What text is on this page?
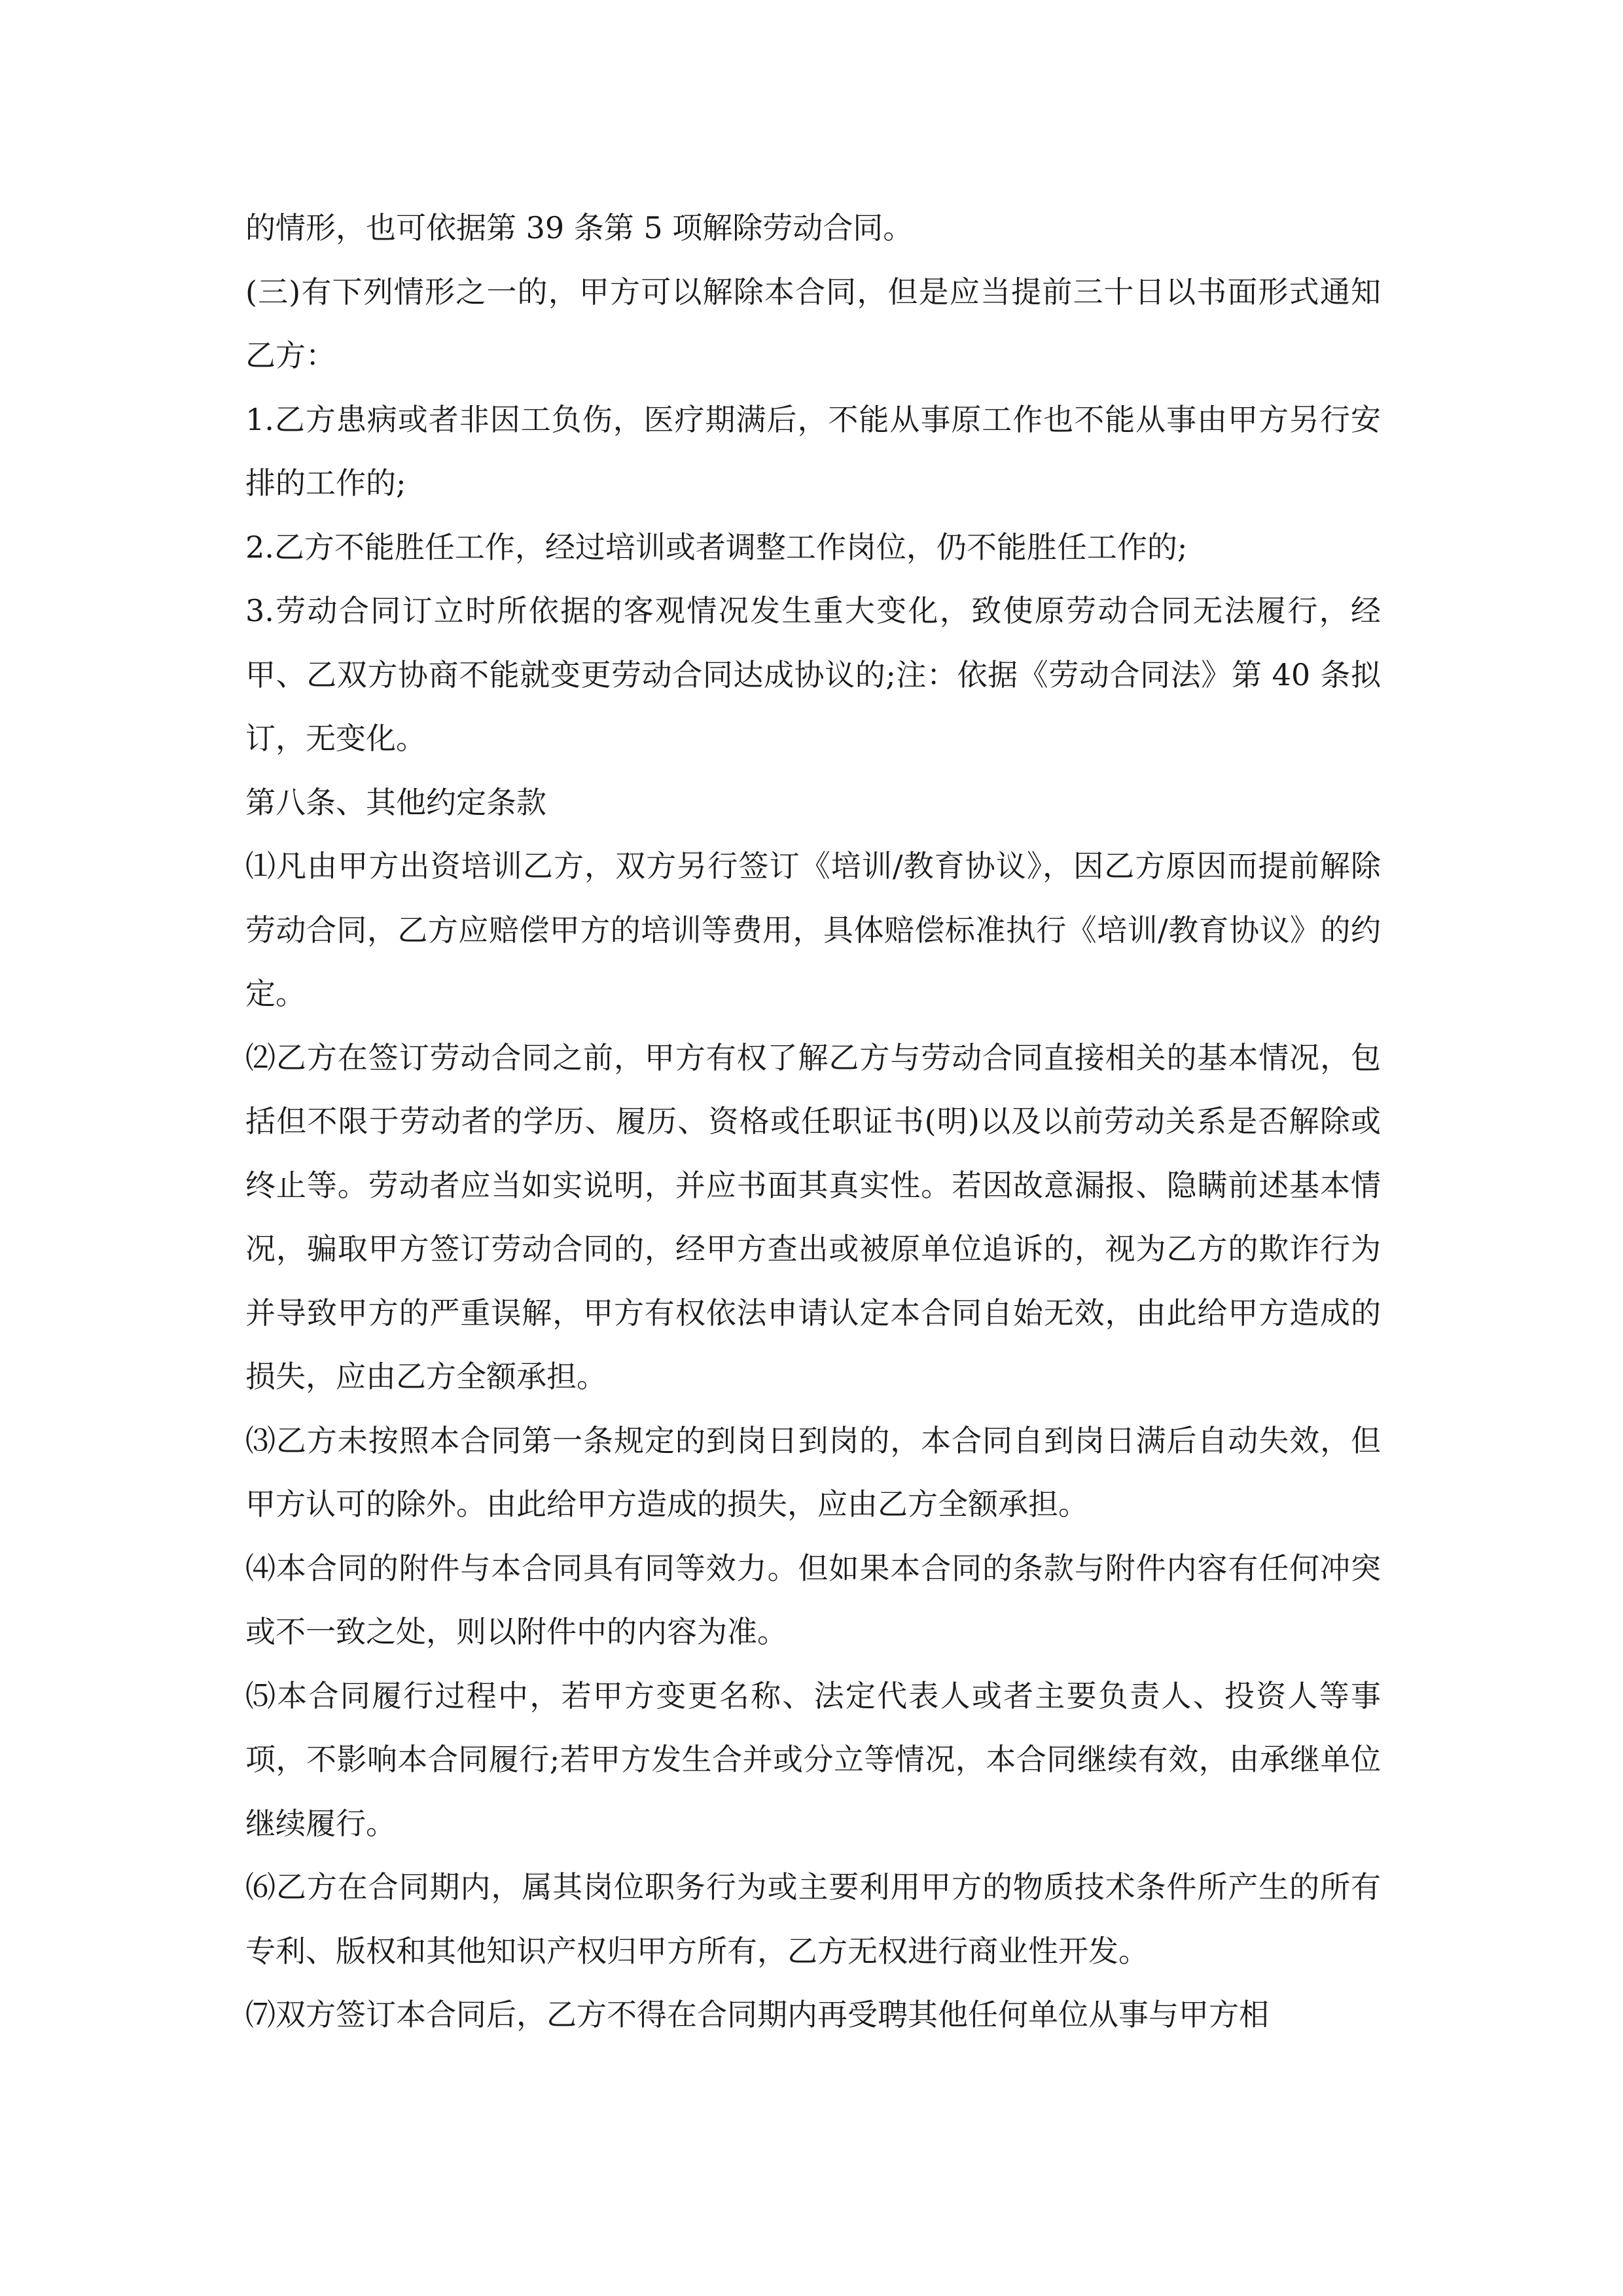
的情形，也可依据第 39 条第 5 项解除劳动合同。

(三)有下列情形之一的，甲方可以解除本合同，但是应当提前三十日以书面形式通知乙方：

1.乙方患病或者非因工负伤，医疗期满后，不能从事原工作也不能从事由甲方另行安排的工作的;

2.乙方不能胜任工作，经过培训或者调整工作岗位，仍不能胜任工作的;

3.劳动合同订立时所依据的客观情况发生重大变化，致使原劳动合同无法履行，经甲、乙双方协商不能就变更劳动合同达成协议的;注：依据《劳动合同法》第 40 条拟订，无变化。

第八条、其他约定条款

⑴凡由甲方出资培训乙方，双方另行签订《培训/教育协议》，因乙方原因而提前解除劳动合同，乙方应赔偿甲方的培训等费用，具体赔偿标准执行《培训/教育协议》的约定。

⑵乙方在签订劳动合同之前，甲方有权了解乙方与劳动合同直接相关的基本情况，包括但不限于劳动者的学历、履历、资格或任职证书(明)以及以前劳动关系是否解除或终止等。劳动者应当如实说明，并应书面其真实性。若因故意漏报、隐瞒前述基本情况，骗取甲方签订劳动合同的，经甲方查出或被原单位追诉的，视为乙方的欺诈行为并导致甲方的严重误解，甲方有权依法申请认定本合同自始无效，由此给甲方造成的损失，应由乙方全额承担。

⑶乙方未按照本合同第一条规定的到岗日到岗的，本合同自到岗日满后自动失效，但甲方认可的除外。由此给甲方造成的损失，应由乙方全额承担。

⑷本合同的附件与本合同具有同等效力。但如果本合同的条款与附件内容有任何冲突或不一致之处，则以附件中的内容为准。

⑸本合同履行过程中，若甲方变更名称、法定代表人或者主要负责人、投资人等事项，不影响本合同履行;若甲方发生合并或分立等情况，本合同继续有效，由承继单位继续履行。

⑹乙方在合同期内，属其岗位职务行为或主要利用甲方的物质技术条件所产生的所有专利、版权和其他知识产权归甲方所有，乙方无权进行商业性开发。

⑺双方签订本合同后，乙方不得在合同期内再受聘其他任何单位从事与甲方相
